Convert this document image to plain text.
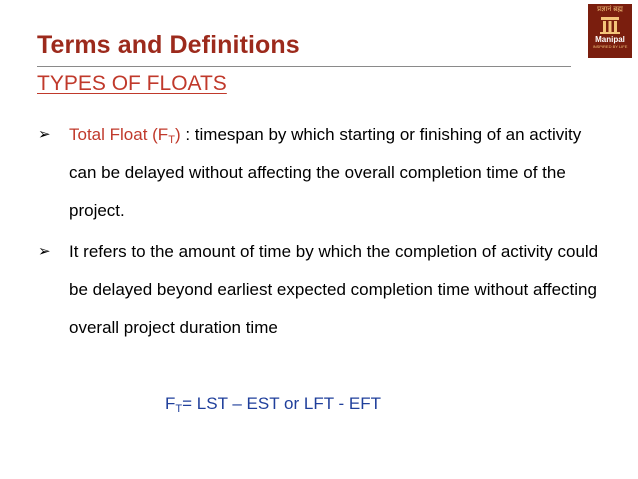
Terms and Definitions
TYPES OF FLOATS
प्रज्ञानं ब्रह्म
Manipal
INSPIRED BY LIFE
➢ Total Float $(F_T)$ : timespan by which starting or finishing of an activity can be delayed without affecting the overall completion time of the project.
➢ It refers to the amount of time by which the completion of activity could be delayed beyond earliest expected completion time without affecting overall project duration time
$F_T=$ LST – EST or LFT - EFT
